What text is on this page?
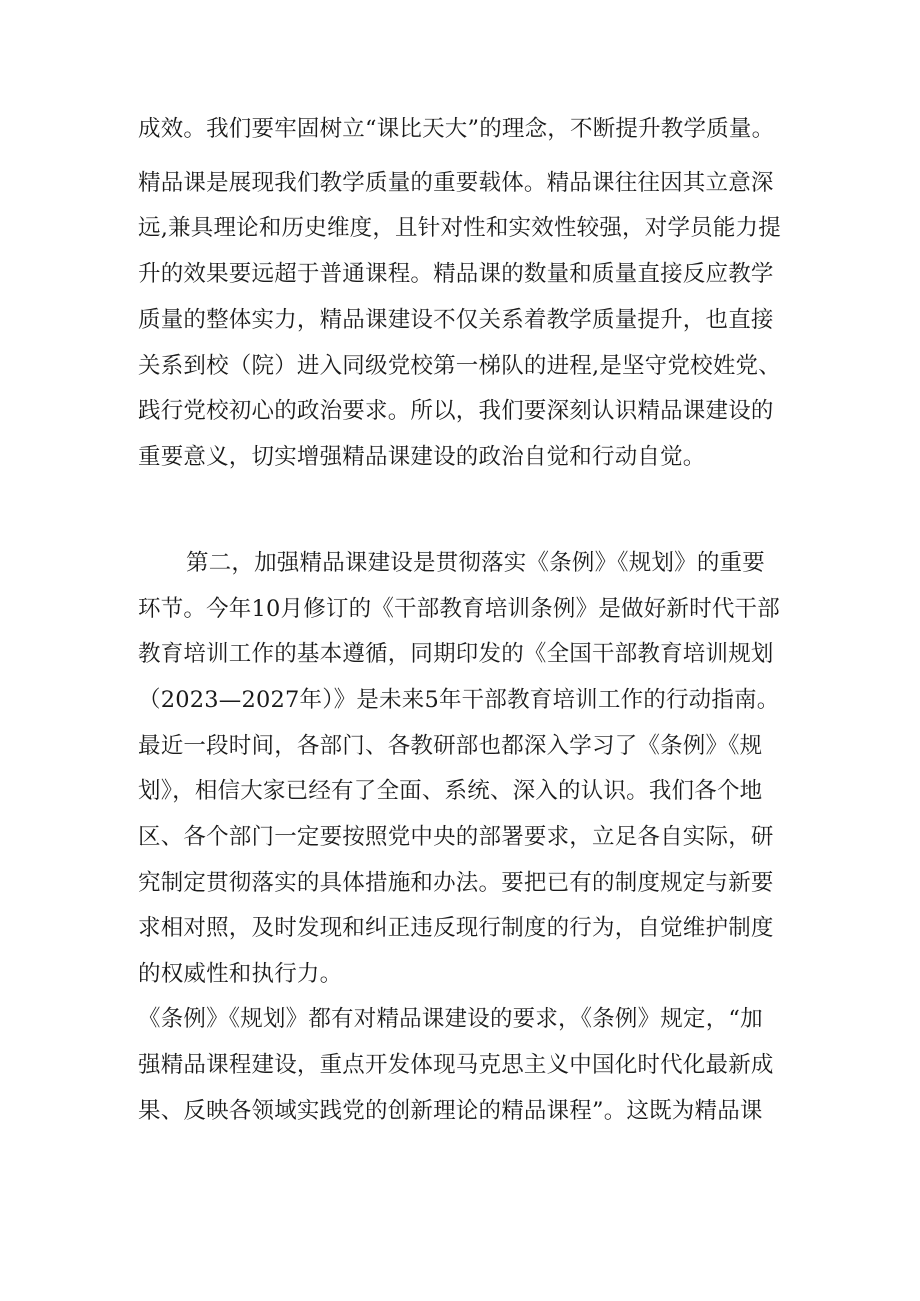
成效。我们要牢固树立“课比天大”的理念，不断提升教学质量。
精品课是展现我们教学质量的重要载体。精品课往往因其立意深
远,兼具理论和历史维度，且针对性和实效性较强，对学员能力提
升的效果要远超于普通课程。精品课的数量和质量直接反应教学
质量的整体实力，精品课建设不仅关系着教学质量提升，也直接
关系到校（院）进入同级党校第一梯队的进程,是坚守党校姓党、
践行党校初心的政治要求。所以，我们要深刻认识精品课建设的
重要意义，切实增强精品课建设的政治自觉和行动自觉。
第二，加强精品课建设是贯彻落实《条例》《规划》的重要
环节。今年10月修订的《干部教育培训条例》是做好新时代干部
教育培训工作的基本遵循，同期印发的《全国干部教育培训规划
（2023—2027年）》是未来5年干部教育培训工作的行动指南。
最近一段时间，各部门、各教研部也都深入学习了《条例》《规
划》，相信大家已经有了全面、系统、深入的认识。我们各个地
区、各个部门一定要按照党中央的部署要求，立足各自实际，研
究制定贯彻落实的具体措施和办法。要把已有的制度规定与新要
求相对照，及时发现和纠正违反现行制度的行为，自觉维护制度
的权威性和执行力。
《条例》《规划》都有对精品课建设的要求，《条例》规定，“加
强精品课程建设，重点开发体现马克思主义中国化时代化最新成
果、反映各领域实践党的创新理论的精品课程”。这既为精品课
